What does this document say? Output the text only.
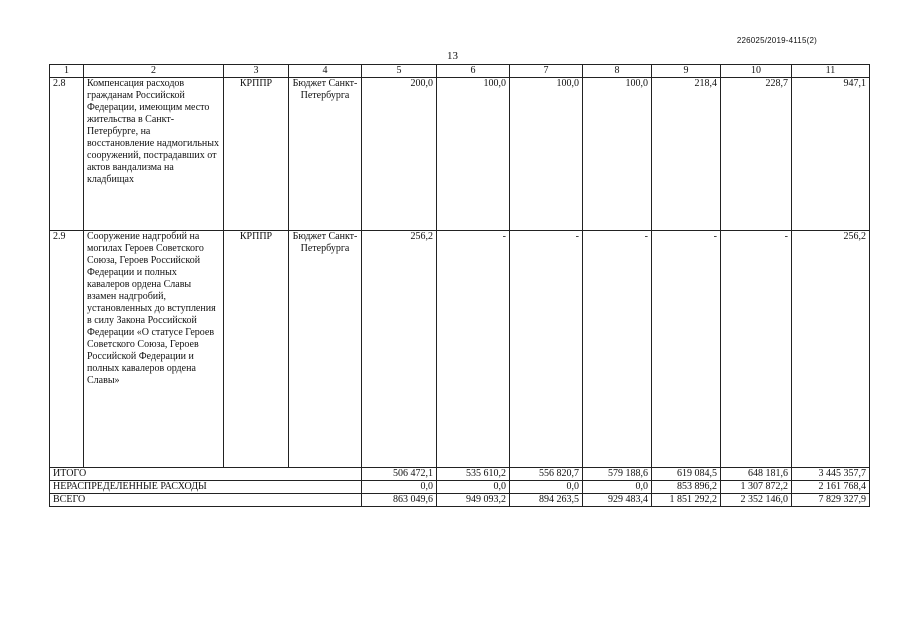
226025/2019-4115(2)
13
1	2	3	4	5	6	7	8	9	10	11
2.8	Компенсация расходов гражданам Российской Федерации, имеющим место жительства в Санкт-Петербурге, на восстановление надмогильных сооружений, пострадавших от актов вандализма на кладбищах	КРППР	Бюджет Санкт-Петербурга	200,0	100,0	100,0	100,0	218,4	228,7	947,1
2.9	Сооружение надгробий на могилах Героев Советского Союза, Героев Российской Федерации и полных кавалеров ордена Славы взамен надгробий, установленных до вступления в силу Закона Российской Федерации «О статусе Героев Советского Союза, Героев Российской Федерации и полных кавалеров ордена Славы»	КРППР	Бюджет Санкт-Петербурга	256,2	-	-	-	-	-	256,2
ИТОГО				506 472,1	535 610,2	556 820,7	579 188,6	619 084,5	648 181,6	3 445 357,7
НЕРАСПРЕДЕЛЕННЫЕ РАСХОДЫ				0,0	0,0	0,0	0,0	853 896,2	1 307 872,2	2 161 768,4
ВСЕГО				863 049,6	949 093,2	894 263,5	929 483,4	1 851 292,2	2 352 146,0	7 829 327,9
